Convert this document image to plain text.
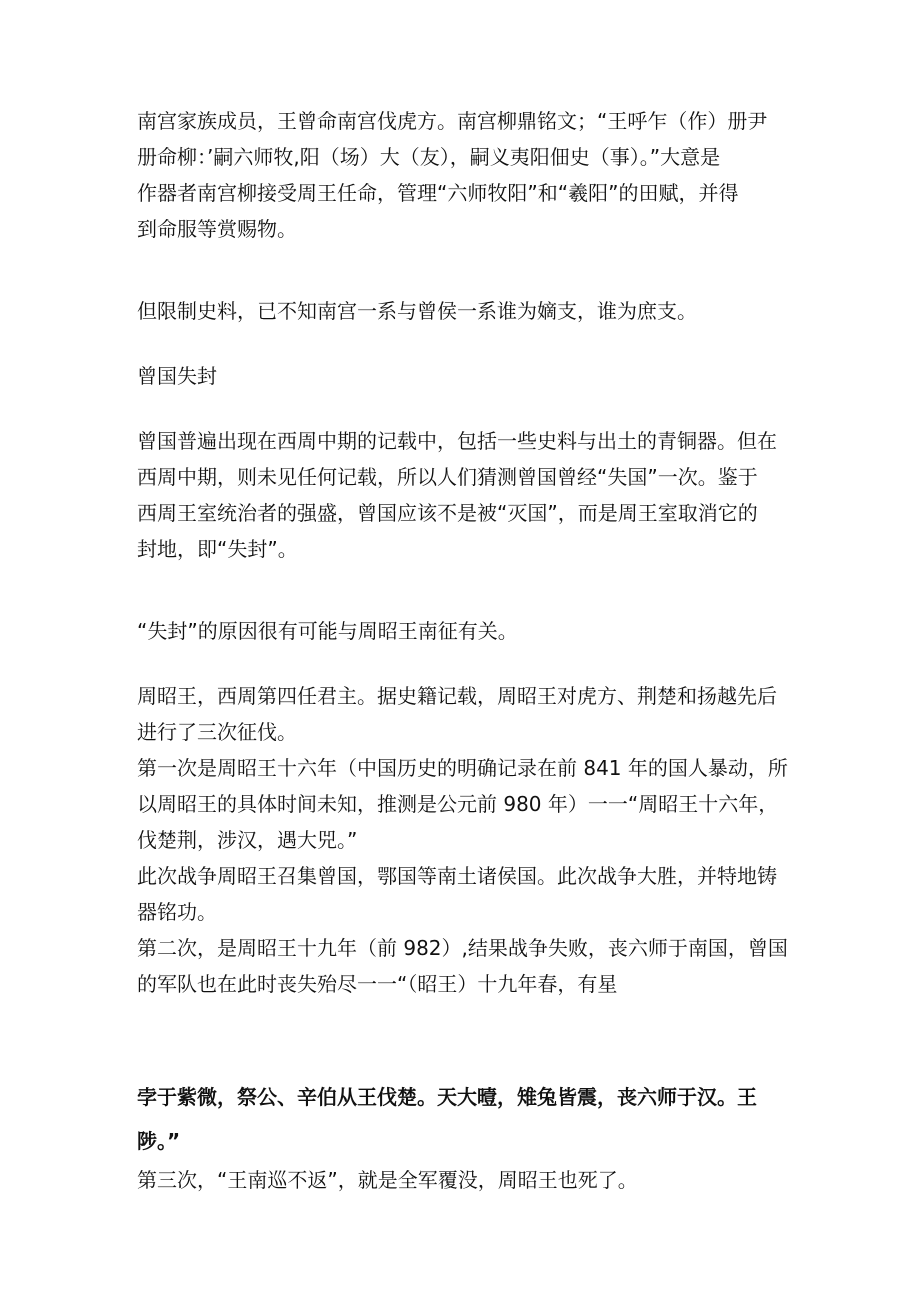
南宫家族成员，王曾命南宫伐虎方。南宫柳鼎铭文；“王呼乍（作）册尹
册命柳：’嗣六师牧,阳（场）大（友），嗣义夷阳佃史（事）。”大意是
作器者南宫柳接受周王任命，管理“六师牧阳”和“羲阳”的田赋，并得
到命服等赏赐物。
但限制史料，已不知南宫一系与曾侯一系谁为嫡支，谁为庶支。
曾国失封
曾国普遍出现在西周中期的记载中，包括一些史料与出土的青铜器。但在
西周中期，则未见任何记载，所以人们猜测曾国曾经“失国”一次。鉴于
西周王室统治者的强盛，曾国应该不是被“灭国”，而是周王室取消它的
封地，即“失封”。
“失封”的原因很有可能与周昭王南征有关。
周昭王，西周第四任君主。据史籍记载，周昭王对虎方、荆楚和扬越先后
进行了三次征伐。
第一次是周昭王十六年（中国历史的明确记录在前 841 年的国人暴动，所
以周昭王的具体时间未知，推测是公元前 980 年）一一“周昭王十六年，
伐楚荆，涉汉，遇大兕。”
此次战争周昭王召集曾国，鄂国等南土诸侯国。此次战争大胜，并特地铸
器铭功。
第二次，是周昭王十九年（前 982）,结果战争失败，丧六师于南国，曾国
的军队也在此时丧失殆尽一一“（昭王）十九年春，有星
孛于紫微，祭公、辛伯从王伐楚。天大曀，雉兔皆震，丧六师于汉。王
陟。”
第三次，“王南巡不返”，就是全军覆没，周昭王也死了。
